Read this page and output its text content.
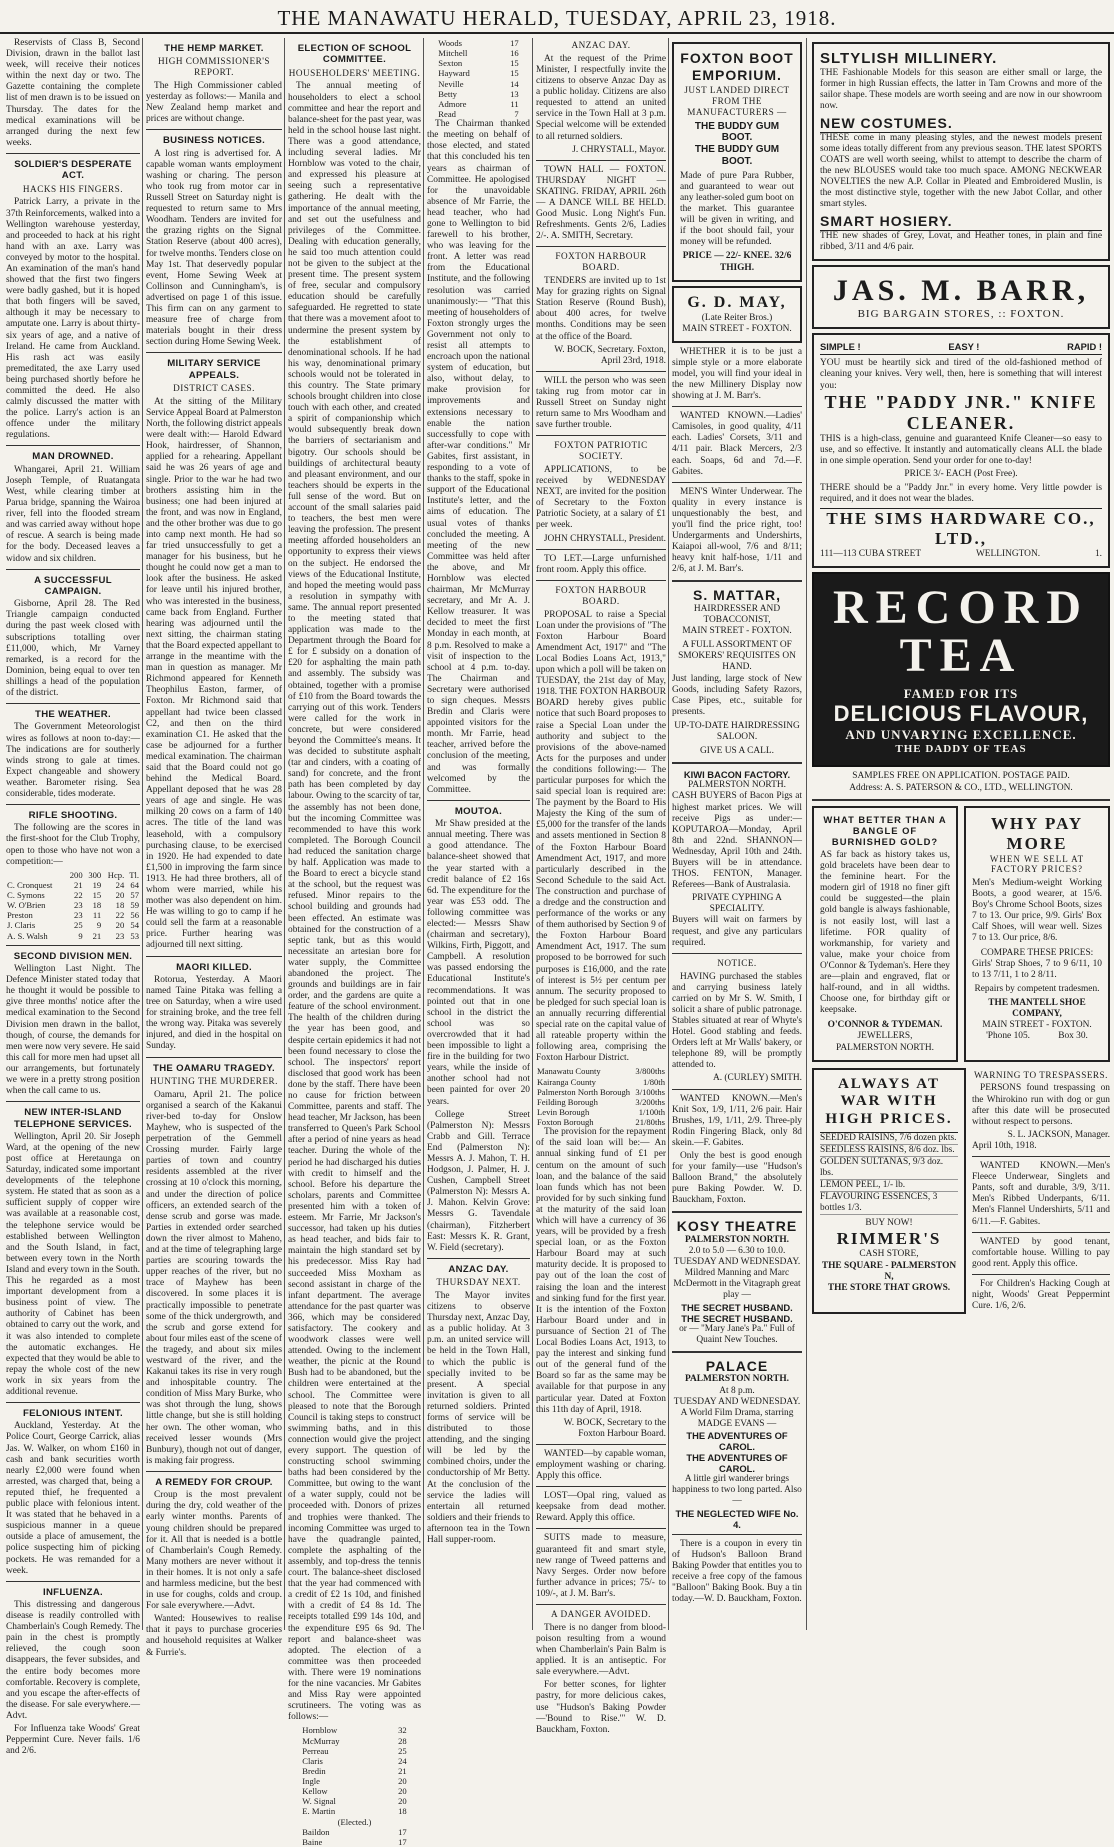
THE MANAWATU HERALD, TUESDAY, APRIL 23, 1918.

Reservists of Class B, Second Division, drawn in the ballot last week, will receive their notices within the next day or two. The Gazette containing the complete list of men drawn is to be issued on Thursday. The dates for the medical examinations will be arranged during the next few weeks.

SOLDIER'S DESPERATE ACT.
HACKS HIS FINGERS.

Patrick Larry, a private in the 37th Reinforcements, walked into a Wellington warehouse yesterday, and proceeded to hack at his right hand with an axe. Larry was conveyed by motor to the hospital. An examination of the man's hand showed that the first two fingers were badly gashed, but it is hoped that both fingers will be saved, although it may be necessary to amputate one. Larry is about thirty-six years of age, and a native of Ireland. He came from Auckland. His rash act was easily premeditated, the axe Larry used being purchased shortly before he committed the deed. He also calmly discussed the matter with the police. Larry's action is an offence under the military regulations.

MAN DROWNED.

Whangarei, April 21. William Joseph Temple, of Ruatangata West, while clearing timber at Parua bridge, spanning the Wairoa river, fell into the flooded stream and was carried away without hope of rescue. A search is being made for the body. Deceased leaves a widow and six children.

A SUCCESSFUL CAMPAIGN.

Gisborne, April 28. The Red Triangle campaign conducted during the past week closed with subscriptions totalling over £11,000, which, Mr Varney remarked, is a record for the Dominion, being equal to over ten shillings a head of the population of the district.

THE WEATHER.

The Government Meteorologist wires as follows at noon to-day:— The indications are for southerly winds strong to gale at times. Expect changeable and showery weather. Barometer rising. Sea considerable, tides moderate.

RIFLE SHOOTING.

The following are the scores in the first-shoot for the Club Trophy, open to those who have not won a competition:—

	200	300	Hcp.	Tl.
C. Cronquest	21	19	24	64
C. Symons	22	15	20	57
W. O'Brien	23	18	18	59
Preston	23	11	22	56
J. Claris	25	9	20	54
A. S. Walsh	9	21	23	53
SECOND DIVISION MEN.

Wellington Last Night. The Defence Minister stated today that he thought it would be possible to give three months' notice after the medical examination to the Second Division men drawn in the ballot, though, of course, the demands for men were now very severe. He said this call for more men had upset all our arrangements, but fortunately we were in a pretty strong position when the call came to us.

NEW INTER-ISLAND TELEPHONE SERVICES.

Wellington, April 20. Sir Joseph Ward, at the opening of the new post office at Heretaunga on Saturday, indicated some important developments of the telephone system. He stated that as soon as a sufficient supply of copper wire was available at a reasonable cost, the telephone service would be established between Wellington and the South Island, in fact, between every town in the North Island and every town in the South. This he regarded as a most important development from a business point of view. The authority of Cabinet has been obtained to carry out the work, and it was also intended to complete the automatic exchanges. He expected that they would be able to repay the whole cost of the new work in six years from the additional revenue.

FELONIOUS INTENT.

Auckland, Yesterday. At the Police Court, George Carrick, alias Jas. W. Walker, on whom £160 in cash and bank securities worth nearly £2,000 were found when arrested, was charged that, being a reputed thief, he frequented a public place with felonious intent. It was stated that he behaved in a suspicious manner in a queue outside a place of amusement, the police suspecting him of picking pockets. He was remanded for a week.

INFLUENZA.

This distressing and dangerous disease is readily controlled with Chamberlain's Cough Remedy. The pain in the chest is promptly relieved, the cough soon disappears, the fever subsides, and the entire body becomes more comfortable. Recovery is complete, and you escape the after-effects of the disease. For sale everywhere.—Advt.

For Influenza take Woods' Great Peppermint Cure. Never fails. 1/6 and 2/6.

THE HEMP MARKET.
HIGH COMMISSIONER'S REPORT.

The High Commissioner cabled yesterday as follows:— Manila and New Zealand hemp market and prices are without change.

BUSINESS NOTICES.

A lost ring is advertised for. A capable woman wants employment washing or charing. The person who took rug from motor car in Russell Street on Saturday night is requested to return same to Mrs Woodham. Tenders are invited for the grazing rights on the Signal Station Reserve (about 400 acres), for twelve months. Tenders close on May 1st. That deservedly popular event, Home Sewing Week at Collinson and Cunningham's, is advertised on page 1 of this issue. This firm can on any garment to measure free of charge from materials bought in their dress section during Home Sewing Week.

MILITARY SERVICE APPEALS.
DISTRICT CASES.

At the sitting of the Military Service Appeal Board at Palmerston North, the following district appeals were dealt with:— Harold Edward Hook, hairdresser, of Shannon, applied for a rehearing. Appellant said he was 26 years of age and single. Prior to the war he had two brothers assisting him in the business; one had been injured at the front, and was now in England, and the other brother was due to go into camp next month. He had so far tried unsuccessfully to get a manager for his business, but he thought he could now get a man to look after the business. He asked for leave until his injured brother, who was interested in the business, came back from England. Further hearing was adjourned until the next sitting, the chairman stating that the Board expected appellant to arrange in the meantime with the man in question as manager. Mr Richmond appeared for Kenneth Theophilus Easton, farmer, of Foxton. Mr Richmond said that appellant had twice been classed C2, and then on the third examination C1. He asked that the case be adjourned for a further medical examination. The chairman said that the Board could not go behind the Medical Board. Appellant deposed that he was 28 years of age and single. He was milking 20 cows on a farm of 140 acres. The title of the land was leasehold, with a compulsory purchasing clause, to be exercised in 1920. He had expended to date £1,500 in improving the farm since 1913. He had three brothers, all of whom were married, while his mother was also dependent on him. He was willing to go to camp if he could sell the farm at a reasonable price. Further hearing was adjourned till next sitting.

MAORI KILLED.

Rotorua, Yesterday. A Maori named Taine Pitaka was felling a tree on Saturday, when a wire used for straining broke, and the tree fell the wrong way. Pitaka was severely injured, and died in the hospital on Sunday.

THE OAMARU TRAGEDY.
HUNTING THE MURDERER.

Oamaru, April 21. The police organised a search of the Kakanui river-bed to-day for Onslow Mayhew, who is suspected of the perpetration of the Gemmell Crossing murder. Fairly large parties of town and country residents assembled at the river crossing at 10 o'clock this morning, and under the direction of police officers, an extended search of the dense scrub and gorse was made. Parties in extended order searched down the river almost to Maheno, and at the time of telegraphing large parties are scouring towards the upper reaches of the river, but no trace of Mayhew has been discovered. In some places it is practically impossible to penetrate some of the thick undergrowth, and the scrub and gorse extend for about four miles east of the scene of the tragedy, and about six miles westward of the river, and the Kakanui takes its rise in very rough and inhospitable country. The condition of Miss Mary Burke, who was shot through the lung, shows little change, but she is still holding her own. The other woman, who received lesser wounds (Mrs Bunbury), though not out of danger, is making fair progress.

A REMEDY FOR CROUP.

Croup is the most prevalent during the dry, cold weather of the early winter months. Parents of young children should be prepared for it. All that is needed is a bottle of Chamberlain's Cough Remedy. Many mothers are never without it in their homes. It is not only a safe and harmless medicine, but the best in use for coughs, colds and croup. For sale everywhere.—Advt.

Wanted: Housewives to realise that it pays to purchase groceries and household requisites at Walker & Furrie's.

ELECTION OF SCHOOL COMMITTEE.
HOUSEHOLDERS' MEETING.

The annual meeting of householders to elect a school committee and hear the report and balance-sheet for the past year, was held in the school house last night. There was a good attendance, including several ladies. Mr Hornblow was voted to the chair, and expressed his pleasure at seeing such a representative gathering. He dealt with the importance of the annual meeting, and set out the usefulness and privileges of the Committee. Dealing with education generally, he said too much attention could not be given to the subject at the present time. The present system of free, secular and compulsory education should be carefully safeguarded. He regretted to state that there was a movement afoot to undermine the present system by the establishment of denominational schools. If he had his way, denominational primary schools would not be tolerated in this country. The State primary schools brought children into close touch with each other, and created a spirit of companionship which would subsequently break down the barriers of sectarianism and bigotry. Our schools should be buildings of architectural beauty and pleasant environment, and our teachers should be experts in the full sense of the word. But on account of the small salaries paid to teachers, the best men were leaving the profession. The present meeting afforded householders an opportunity to express their views on the subject. He endorsed the views of the Educational Institute, and hoped the meeting would pass a resolution in sympathy with same. The annual report presented to the meeting stated that application was made to the Department through the Board for £ for £ subsidy on a donation of £20 for asphalting the main path and assembly. The subsidy was obtained, together with a promise of £10 from the Board towards the carrying out of this work. Tenders were called for the work in concrete, but were considered beyond the Committee's means. It was decided to substitute asphalt (tar and cinders, with a coating of sand) for concrete, and the front path has been completed by day labour. Owing to the scarcity of tar, the assembly has not been done, but the incoming Committee was recommended to have this work completed. The Borough Council had reduced the sanitation charge by half. Application was made to the Board to erect a bicycle stand at the school, but the request was refused. Minor repairs to the school building and grounds had been effected. An estimate was obtained for the construction of a septic tank, but as this would necessitate an artesian bore for water supply, the Committee abandoned the project. The grounds and buildings are in fair order, and the gardens are quite a feature of the school environment. The health of the children during the year has been good, and despite certain epidemics it had not been found necessary to close the school. The inspectors' report disclosed that good work has been done by the staff. There have been no cause for friction between Committee, parents and staff. The head teacher, Mr Jackson, has been transferred to Queen's Park School after a period of nine years as head teacher. During the whole of the period he had discharged his duties with credit to himself and the school. Before his departure the scholars, parents and Committee presented him with a token of esteem. Mr Farrie, Mr Jackson's successor, had taken up his duties as head teacher, and bids fair to maintain the high standard set by his predecessor. Miss Ray had succeeded Miss Moxham as second assistant in charge of the infant department. The average attendance for the past quarter was 366, which may be considered satisfactory. The cookery and woodwork classes were well attended. Owing to the inclement weather, the picnic at the Round Bush had to be abandoned, but the children were entertained at the school. The Committee were pleased to note that the Borough Council is taking steps to construct swimming baths, and in this connection would give the project every support. The question of constructing school swimming baths had been considered by the Committee, but owing to the want of a water supply, could not be proceeded with. Donors of prizes and trophies were thanked. The incoming Committee was urged to have the quadrangle painted, complete the asphalting of the assembly, and top-dress the tennis court. The balance-sheet disclosed that the year had commenced with a credit of £2 1s 10d, and finished with a credit of £4 8s 1d. The receipts totalled £99 14s 10d, and the expenditure £95 6s 9d. The report and balance-sheet was adopted. The election of a committee was then proceeded with. There were 19 nominations for the nine vacancies. Mr Gabites and Miss Ray were appointed scrutineers. The voting was as follows:—

Hornblow	32
McMurray	28
Perreau	25
Claris	24
Bredin	21
Ingle	20
Kellow	20
W. Signal	20
E. Martin	18
(Elected.)	
Baildon	17
Baine	17
Woods	17
Mitchell	16
Sexton	15
Hayward	15
Neville	14
Betty	13
Admore	11
Read	7

The Chairman thanked the meeting on behalf of those elected, and stated that this concluded his ten years as chairman of Committee. He apologised for the unavoidable absence of Mr Farrie, the head teacher, who had gone to Wellington to bid farewell to his brother, who was leaving for the front. A letter was read from the Educational Institute, and the following resolution was carried unanimously:— "That this meeting of householders of Foxton strongly urges the Government not only to resist all attempts to encroach upon the national system of education, but also, without delay, to make provision for improvements and extensions necessary to enable the nation successfully to cope with after-war conditions." Mr Gabites, first assistant, in responding to a vote of thanks to the staff, spoke in support of the Educational Institute's letter, and the aims of education. The usual votes of thanks concluded the meeting. A meeting of the new Committee was held after the above, and Mr Hornblow was elected chairman, Mr McMurray secretary, and Mr A. J. Kellow treasurer. It was decided to meet the first Monday in each month, at 8 p.m. Resolved to make a visit of inspection to the school at 4 p.m. to-day. The Chairman and Secretary were authorised to sign cheques. Messrs Bredin and Claris were appointed visitors for the month. Mr Farrie, head teacher, arrived before the conclusion of the meeting, and was formally welcomed by the Committee.

MOUTOA.

Mr Shaw presided at the annual meeting. There was a good attendance. The balance-sheet showed that the year started with a credit balance of £2 16s 6d. The expenditure for the year was £53 odd. The following committee was elected:— Messrs Shaw (chairman and secretary), Wilkins, Firth, Piggott, and Campbell. A resolution was passed endorsing the Educational Institute's recommendations. It was pointed out that in one school in the district the school was so overcrowded that it had been impossible to light a fire in the building for two years, while the inside of another school had not been painted for over 20 years.

College Street (Palmerston N): Messrs Crabb and Gill. Terrace End (Palmerston N): Messrs A. J. Mahon, T. H. Hodgson, J. Palmer, H. J. Cushen, Campbell Street (Palmerston N): Messrs A. J. Mahon. Kelvin Grove: Messrs G. Tavendale (chairman), Fitzherbert East: Messrs K. R. Grant, W. Field (secretary).

ANZAC DAY.
THURSDAY NEXT.

The Mayor invites citizens to observe Thursday next, Anzac Day, as a public holiday. At 3 p.m. an united service will be held in the Town Hall, to which the public is specially invited to be present. A special invitation is given to all returned soldiers. Printed forms of service will be distributed to those attending, and the singing will be led by the combined choirs, under the conductorship of Mr Betty. At the conclusion of the service the ladies will entertain all returned soldiers and their friends to afternoon tea in the Town Hall supper-room.

ANZAC DAY.

At the request of the Prime Minister, I respectfully invite the citizens to observe Anzac Day as a public holiday. Citizens are also requested to attend an united service in the Town Hall at 3 p.m. Special welcome will be extended to all returned soldiers.

J. CHRYSTALL, Mayor.

TOWN HALL — FOXTON. THURSDAY NIGHT — SKATING. FRIDAY, APRIL 26th — A DANCE WILL BE HELD. Good Music. Long Night's Fun. Refreshments. Gents 2/6, Ladies 2/-. A. SMITH, Secretary.

FOXTON HARBOUR BOARD.

TENDERS are invited up to 1st May for grazing rights on Signal Station Reserve (Round Bush), about 400 acres, for twelve months. Conditions may be seen at the office of the Board.

W. BOCK, Secretary. Foxton, April 23rd, 1918.

WILL the person who was seen taking rug from motor car in Russell Street on Sunday night return same to Mrs Woodham and save further trouble.

FOXTON PATRIOTIC SOCIETY.

APPLICATIONS, to be received by WEDNESDAY NEXT, are invited for the position of Secretary to the Foxton Patriotic Society, at a salary of £1 per week.

JOHN CHRYSTALL, President.

TO LET.—Large unfurnished front room. Apply this office.

FOXTON HARBOUR BOARD.

PROPOSAL to raise a Special Loan under the provisions of "The Foxton Harbour Board Amendment Act, 1917" and "The Local Bodies Loans Act, 1913," upon which a poll will be taken on TUESDAY, the 21st day of May, 1918. THE FOXTON HARBOUR BOARD hereby gives public notice that such Board proposes to raise a Special Loan under the authority and subject to the provisions of the above-named Acts for the purposes and under the conditions following:— The particular purposes for which the said special loan is required are: The payment by the Board to His Majesty the King of the sum of £5,000 for the transfer of the lands and assets mentioned in Section 8 of the Foxton Harbour Board Amendment Act, 1917, and more particularly described in the Second Schedule to the said Act. The construction and purchase of a dredge and the construction and performance of the works or any of them authorised by Section 9 of the Foxton Harbour Board Amendment Act, 1917. The sum proposed to be borrowed for such purposes is £16,000, and the rate of interest is 5½ per centum per annum. The security proposed to be pledged for such special loan is an annually recurring differential special rate on the capital value of all rateable property within the following area, comprising the Foxton Harbour District.

Manawatu County	3/800ths
Kairanga County	1/80th
Palmerston North Borough	3/100ths
Feilding Borough	3/200ths
Levin Borough	1/100th
Foxton Borough	21/80ths

The provision for the repayment of the said loan will be:— An annual sinking fund of £1 per centum on the amount of such loan, and the balance of the said loan funds which has not been provided for by such sinking fund at the maturity of the said loan which will have a currency of 36 years, will be provided by a fresh special loan, or as the Foxton Harbour Board may at such maturity decide. It is proposed to pay out of the loan the cost of raising the loan and the interest and sinking fund for the first year. It is the intention of the Foxton Harbour Board under and in pursuance of Section 21 of The Local Bodies Loans Act, 1913, to pay the interest and sinking fund out of the general fund of the Board so far as the same may be available for that purpose in any particular year. Dated at Foxton this 11th day of April, 1918.

W. BOCK, Secretary to the Foxton Harbour Board.

WANTED—by capable woman, employment washing or charing. Apply this office.

LOST—Opal ring, valued as keepsake from dead mother. Reward. Apply this office.

SUITS made to measure, guaranteed fit and smart style, new range of Tweed patterns and Navy Serges. Order now before further advance in prices; 75/- to 109/-, at J. M. Barr's.

A DANGER AVOIDED.

There is no danger from blood-poison resulting from a wound when Chamberlain's Pain Balm is applied. It is an antiseptic. For sale everywhere.—Advt.

For better scones, for lighter pastry, for more delicious cakes, use "Hudson's Baking Powder—'Bound to Rise.'" W. D. Bauckham, Foxton.

FOXTON BOOT EMPORIUM.
JUST LANDED DIRECT FROM THE MANUFACTURERS —
THE BUDDY GUM BOOT.
THE BUDDY GUM BOOT.
Made of pure Para Rubber, and guaranteed to wear out any leather-soled gum boot on the market. This guarantee will be given in writing, and if the boot should fail, your money will be refunded.
PRICE — 22/- KNEE. 32/6 THIGH.
G. D. MAY,
(Late Reiter Bros.)
MAIN STREET - FOXTON.

WHETHER it is to be just a simple style or a more elaborate model, you will find your ideal in the new Millinery Display now showing at J. M. Barr's.

WANTED KNOWN.—Ladies' Camisoles, in good quality, 4/11 each. Ladies' Corsets, 3/11 and 4/11 pair. Black Mercers, 2/3 each. Soaps, 6d and 7d.—F. Gabites.

MEN'S Winter Underwear. The quality in every instance is unquestionably the best, and you'll find the price right, too! Undergarments and Undershirts, Kaiapoi all-wool, 7/6 and 8/11; heavy knit half-hose, 1/11 and 2/6, at J. M. Barr's.

S. MATTAR,
HAIRDRESSER AND TOBACCONIST,
MAIN STREET - FOXTON.
A FULL ASSORTMENT OF SMOKERS' REQUISITES ON HAND.
Just landing, large stock of New Goods, including Safety Razors, Case Pipes, etc., suitable for presents.
UP-TO-DATE HAIRDRESSING SALOON.
GIVE US A CALL.
KIWI BACON FACTORY.
PALMERSTON NORTH.
CASH BUYERS of Bacon Pigs at highest market prices. We will receive Pigs as under:— KOPUTAROA—Monday, April 8th and 22nd. SHANNON—Wednesday, April 10th and 24th. Buyers will be in attendance. THOS. FENTON, Manager. Referees—Bank of Australasia.
PRIVATE CYPHING A SPECIALITY.
Buyers will wait on farmers by request, and give any particulars required.
NOTICE.

HAVING purchased the stables and carrying business lately carried on by Mr S. W. Smith, I solicit a share of public patronage. Stables situated at rear of Whyte's Hotel. Good stabling and feeds. Orders left at Mr Walls' bakery, or telephone 89, will be promptly attended to.

A. (CURLEY) SMITH.

WANTED KNOWN.—Men's Knit Sox, 1/9, 1/11, 2/6 pair. Hair Brushes, 1/9, 1/11, 2/9. Three-ply Rodin Fingering Black, only 8d skein.—F. Gabites.

Only the best is good enough for your family—use "Hudson's Balloon Brand," the absolutely pure Baking Powder. W. D. Bauckham, Foxton.

KOSY THEATRE
PALMERSTON NORTH.
2.0 to 5.0 — 6.30 to 10.0.
TUESDAY AND WEDNESDAY.
Mildred Manning and Marc McDermott in the Vitagraph great play —
THE SECRET HUSBAND.
THE SECRET HUSBAND.
or — "Mary Jane's Pa." Full of Quaint New Touches.
PALACE
PALMERSTON NORTH.
At 8 p.m.
TUESDAY AND WEDNESDAY.
A World Film Drama, starring MADGE EVANS —
THE ADVENTURES OF CAROL.
THE ADVENTURES OF CAROL.
A little girl wanderer brings happiness to two long parted. Also —
THE NEGLECTED WIFE No. 4.

There is a coupon in every tin of Hudson's Balloon Brand Baking Powder that entitles you to receive a free copy of the famous "Balloon" Baking Book. Buy a tin today.—W. D. Bauckham, Foxton.

SLTYLISH MILLINERY.
THE Fashionable Models for this season are either small or large, the former in high Russian effects, the latter in Tam Crowns and more of the sailor shape. These models are worth seeing and are now in our showroom now.
NEW COSTUMES.
THESE come in many pleasing styles, and the newest models present some ideas totally different from any previous season. THE latest SPORTS COATS are well worth seeing, whilst to attempt to describe the charm of the new BLOUSES would take too much space. AMONG NECKWEAR NOVELTIES the new A.P. Collar in Pleated and Embroidered Muslin, is the most distinctive style, together with the new Jabot Collar, and other smart styles.
SMART HOSIERY.
THE new shades of Grey, Lovat, and Heather tones, in plain and fine ribbed, 3/11 and 4/6 pair.
JAS. M. BARR,
BIG BARGAIN STORES, :: FOXTON.
SIMPLE !	EASY !	RAPID !
YOU must be heartily sick and tired of the old-fashioned method of cleaning your knives. Very well, then, here is something that will interest you:
THE "PADDY JNR." KNIFE CLEANER.
THIS is a high-class, genuine and guaranteed Knife Cleaner—so easy to use, and so effective. It instantly and automatically cleans ALL the blade in one simple operation. Send your order for one to-day!
PRICE 3/- EACH (Post Free).
THERE should be a "Paddy Jnr." in every home. Very little powder is required, and it does not wear the blades.
THE SIMS HARDWARE CO., LTD.,
111—113 CUBA STREET	WELLINGTON.	1.
RECORD
TEA
FAMED FOR ITS
DELICIOUS FLAVOUR,
AND UNVARYING EXCELLENCE.
THE DADDY OF TEAS
SAMPLES FREE ON APPLICATION. POSTAGE PAID.
Address: A. S. PATERSON & CO., LTD., WELLINGTON.
WHAT BETTER THAN A BANGLE OF BURNISHED GOLD?
AS far back as history takes us, gold bracelets have been dear to the feminine heart. For the modern girl of 1918 no finer gift could be suggested—the plain gold bangle is always fashionable, is not easily lost, will last a lifetime. FOR quality of workmanship, for variety and value, make your choice from O'Connor & Tydeman's. Here they are—plain and engraved, flat or half-round, and in all widths. Choose one, for birthday gift or keepsake.
O'CONNOR & TYDEMAN.
JEWELLERS,
PALMERSTON NORTH.
WHY PAY MORE
WHEN WE SELL AT FACTORY PRICES?
Men's Medium-weight Working Boots, a good wearer, at 15/6. Boy's Chrome School Boots, sizes 7 to 13. Our price, 9/9. Girls' Box Calf Shoes, will wear well. Sizes 7 to 13. Our price, 8/6.
COMPARE THESE PRICES:
Girls' Strap Shoes, 7 to 9 6/11, 10 to 13 7/11, 1 to 2 8/11.
Repairs by competent tradesmen.
THE MANTELL SHOE COMPANY,
MAIN STREET - FOXTON.
'Phone 105.	Box 30.
ALWAYS AT WAR WITH HIGH PRICES.
SEEDED RAISINS, 7/6 dozen pkts.
SEEDLESS RAISINS, 8/6 doz. lbs.
GOLDEN SULTANAS, 9/3 doz. lbs.
LEMON PEEL, 1/- lb.
FLAVOURING ESSENCES, 3 bottles 1/3.
BUY NOW!
RIMMER'S
CASH STORE,
THE SQUARE - PALMERSTON N,
THE STORE THAT GROWS.
WARNING TO TRESPASSERS.

PERSONS found trespassing on the Whirokino run with dog or gun after this date will be prosecuted without respect to persons.

S. L. JACKSON, Manager.
April 10th, 1918.

WANTED KNOWN.—Men's Fleece Underwear, Singlets and Pants, soft and durable, 3/9, 3/11. Men's Ribbed Underpants, 6/11. Men's Flannel Undershirts, 5/11 and 6/11.—F. Gabites.

WANTED by good tenant, comfortable house. Willing to pay good rent. Apply this office.

For Children's Hacking Cough at night, Woods' Great Peppermint Cure. 1/6, 2/6.
